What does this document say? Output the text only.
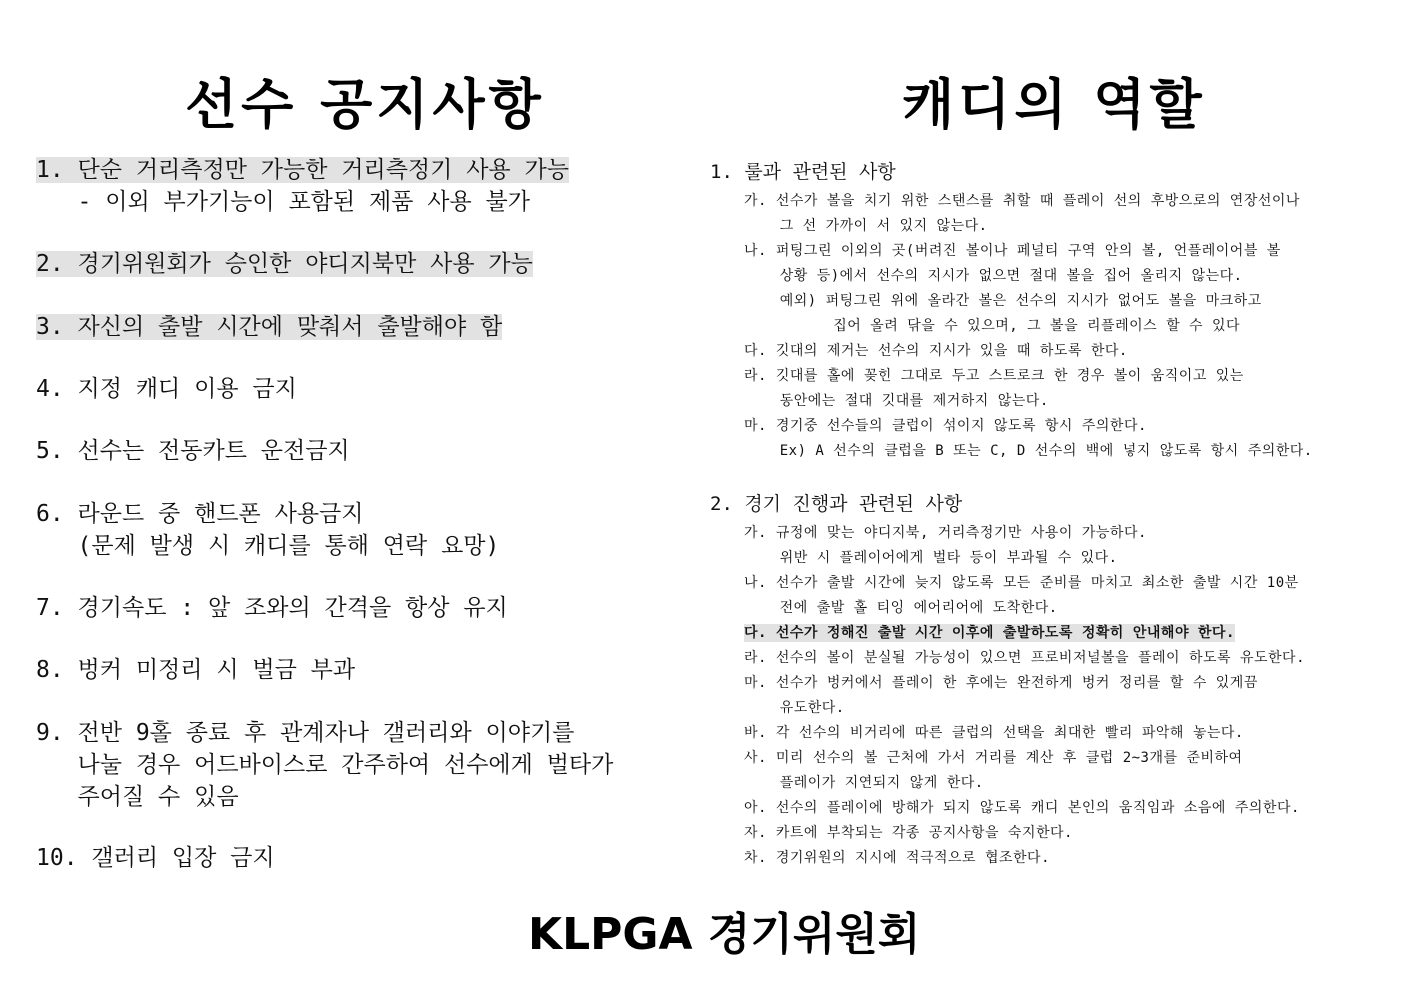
선수 공지사항	캐디의 역할
1. 단순 거리측정만 가능한 거리측정기 사용 가능
- 이외 부가기능이 포함된 제품 사용 불가
2. 경기위원회가 승인한 야디지북만 사용 가능
3. 자신의 출발 시간에 맞춰서 출발해야 함
4. 지정 캐디 이용 금지
5. 선수는 전동카트 운전금지
6. 라운드 중 핸드폰 사용금지
(문제 발생 시 캐디를 통해 연락 요망)
7. 경기속도 : 앞 조와의 간격을 항상 유지
8. 벙커 미정리 시 벌금 부과
9. 전반 9홀 종료 후 관계자나 갤러리와 이야기를
나눌 경우 어드바이스로 간주하여 선수에게 벌타가
주어질 수 있음
10. 갤러리 입장 금지
1. 룰과 관련된 사항
가. 선수가 볼을 치기 위한 스탠스를 취할 때 플레이 선의 후방으로의 연장선이나
그 선 가까이 서 있지 않는다.
나. 퍼팅그린 이외의 곳(버려진 볼이나 페널티 구역 안의 볼, 언플레이어블 볼
상황 등)에서 선수의 지시가 없으면 절대 볼을 집어 올리지 않는다.
예외) 퍼팅그린 위에 올라간 볼은 선수의 지시가 없어도 볼을 마크하고
집어 올려 닦을 수 있으며, 그 볼을 리플레이스 할 수 있다
다. 깃대의 제거는 선수의 지시가 있을 때 하도록 한다.
라. 깃대를 홀에 꽂힌 그대로 두고 스트로크 한 경우 볼이 움직이고 있는
동안에는 절대 깃대를 제거하지 않는다.
마. 경기중 선수들의 클럽이 섞이지 않도록 항시 주의한다.
Ex) A 선수의 클럽을 B 또는 C, D 선수의 백에 넣지 않도록 항시 주의한다.
2. 경기 진행과 관련된 사항
가. 규정에 맞는 야디지북, 거리측정기만 사용이 가능하다.
위반 시 플레이어에게 벌타 등이 부과될 수 있다.
나. 선수가 출발 시간에 늦지 않도록 모든 준비를 마치고 최소한 출발 시간 10분
전에 출발 홀 티잉 에어리어에 도착한다.
다. 선수가 정해진 출발 시간 이후에 출발하도록 정확히 안내해야 한다.
라. 선수의 볼이 분실될 가능성이 있으면 프로비저널볼을 플레이 하도록 유도한다.
마. 선수가 벙커에서 플레이 한 후에는 완전하게 벙커 정리를 할 수 있게끔
유도한다.
바. 각 선수의 비거리에 따른 클럽의 선택을 최대한 빨리 파악해 놓는다.
사. 미리 선수의 볼 근처에 가서 거리를 계산 후 클럽 2~3개를 준비하여
플레이가 지연되지 않게 한다.
아. 선수의 플레이에 방해가 되지 않도록 캐디 본인의 움직임과 소음에 주의한다.
자. 카트에 부착되는 각종 공지사항을 숙지한다.
차. 경기위원의 지시에 적극적으로 협조한다.
KLPGA 경기위원회
